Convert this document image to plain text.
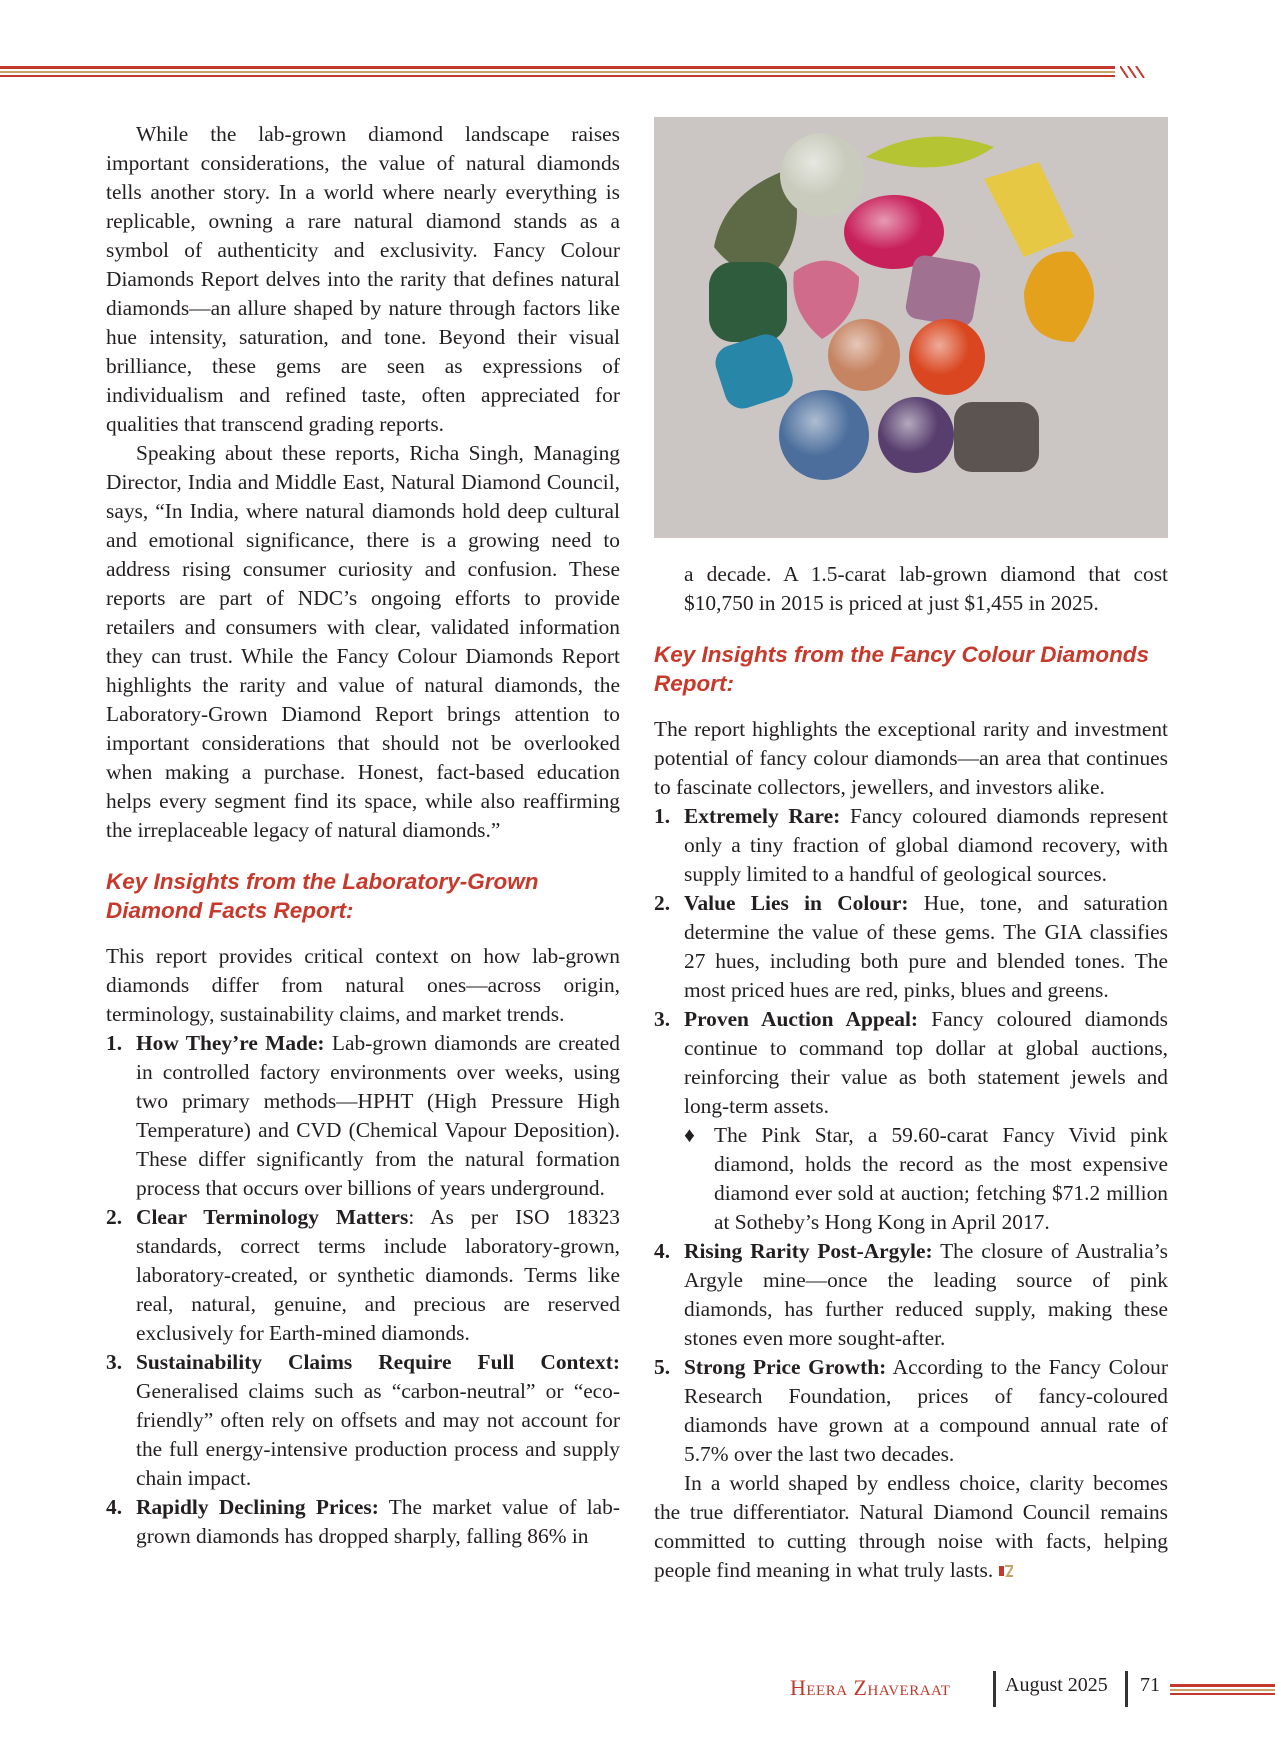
While the lab-grown diamond landscape raises important considerations, the value of natural diamonds tells another story. In a world where nearly everything is replicable, owning a rare natural diamond stands as a symbol of authenticity and exclusivity. Fancy Colour Diamonds Report delves into the rarity that defines natural diamonds—an allure shaped by nature through factors like hue intensity, saturation, and tone. Beyond their visual brilliance, these gems are seen as expressions of individualism and refined taste, often appreciated for qualities that transcend grading reports.

Speaking about these reports, Richa Singh, Managing Director, India and Middle East, Natural Diamond Council, says, “In India, where natural diamonds hold deep cultural and emotional significance, there is a growing need to address rising consumer curiosity and confusion. These reports are part of NDC’s ongoing efforts to provide retailers and consumers with clear, validated information they can trust. While the Fancy Colour Diamonds Report highlights the rarity and value of natural diamonds, the Laboratory-Grown Diamond Report brings attention to important considerations that should not be overlooked when making a purchase. Honest, fact-based education helps every segment find its space, while also reaffirming the irreplaceable legacy of natural diamonds.”

Key Insights from the Laboratory-Grown Diamond Facts Report:

This report provides critical context on how lab-grown diamonds differ from natural ones—across origin, terminology, sustainability claims, and market trends.

1. How They’re Made: Lab-grown diamonds are created in controlled factory environments over weeks, using two primary methods—HPHT (High Pressure High Temperature) and CVD (Chemical Vapour Deposition). These differ significantly from the natural formation process that occurs over billions of years underground.
2. Clear Terminology Matters: As per ISO 18323 standards, correct terms include laboratory-grown, laboratory-created, or synthetic diamonds. Terms like real, natural, genuine, and precious are reserved exclusively for Earth-mined diamonds.
3. Sustainability Claims Require Full Context: Generalised claims such as “carbon-neutral” or “eco-friendly” often rely on offsets and may not account for the full energy-intensive production process and supply chain impact.
4. Rapidly Declining Prices: The market value of lab-grown diamonds has dropped sharply, falling 86% in

a decade. A 1.5-carat lab-grown diamond that cost $10,750 in 2015 is priced at just $1,455 in 2025.

Key Insights from the Fancy Colour Diamonds Report:

The report highlights the exceptional rarity and investment potential of fancy colour diamonds—an area that continues to fascinate collectors, jewellers, and investors alike.

1. Extremely Rare: Fancy coloured diamonds represent only a tiny fraction of global diamond recovery, with supply limited to a handful of geological sources.
2. Value Lies in Colour: Hue, tone, and saturation determine the value of these gems. The GIA classifies 27 hues, including both pure and blended tones. The most priced hues are red, pinks, blues and greens.
3. Proven Auction Appeal: Fancy coloured diamonds continue to command top dollar at global auctions, reinforcing their value as both statement jewels and long-term assets.

♦ The Pink Star, a 59.60-carat Fancy Vivid pink diamond, holds the record as the most expensive diamond ever sold at auction; fetching $71.2 million at Sotheby’s Hong Kong in April 2017.

4. Rising Rarity Post-Argyle: The closure of Australia’s Argyle mine—once the leading source of pink diamonds, has further reduced supply, making these stones even more sought-after.
5. Strong Price Growth: According to the Fancy Colour Research Foundation, prices of fancy-coloured diamonds have grown at a compound annual rate of 5.7% over the last two decades.

In a world shaped by endless choice, clarity becomes the true differentiator. Natural Diamond Council remains committed to cutting through noise with facts, helping people find meaning in what truly lasts.

Heera Zhaveraat	August 2025 71
